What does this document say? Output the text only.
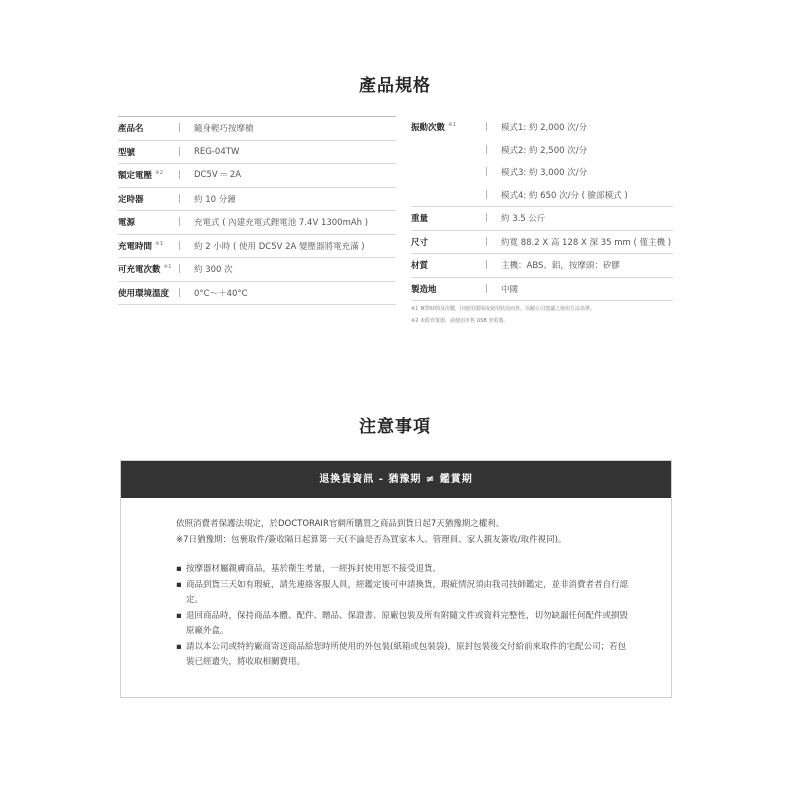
產品規格
產品名	|	隨身輕巧按摩槍
型號	|	REG-04TW
額定電壓 $^{※2}$	|	DC5V ⎓ 2A
定時器	|	約 10 分鐘
電源	|	充電式 ( 內建充電式鋰電池 7.4V 1300mAh )
充電時間 $^{※1}$	|	約 2 小時 ( 使用 DC5V 2A 變壓器將電充滿 )
可充電次數 $^{※1}$ |	約 300 次
使用環境溫度	|	0°C～＋40°C
振動次數 $^{※1}$	|	模式1: 約 2,000 次/分
|	模式2: 約 2,500 次/分
|	模式3: 約 3,000 次/分
|	模式4: 約 650 次/分 ( 臉部模式 )
重量	|	約 3.5 公斤
尺寸	|	約寬 88.2 X 高 128 X 深 35 mm ( 僅主機 )
材質	|	主機：ABS、鋁，按摩頭：矽膠
製造地	|	中國
※1 實際時間及次數，因使用環境或使用狀況而異。以敝公司建議之使用方法為準。
※2 未附充電器，請使用市售 USB 充電器。
注意事項
退換貨資訊 - 猶豫期 ≠ 鑑賞期
依照消費者保護法規定，於DOCTORAIR官網所購買之商品到貨日起7天猶豫期之權利。
※7日猶豫期：包裹取件/簽收隔日起算第一天(不論是否為買家本人、管理員、家人親友簽收/取件視同)。
▪ 按摩器材屬親膚商品，基於衛生考量，一經拆封使用恕不接受退貨。
▪ 商品到貨三天如有瑕疵，請先連絡客服人員，經鑑定後可申請換貨，瑕疵情況須由我司技師鑑定，並非消費者者自行認定。
▪ 退回商品時，保持商品本體、配件、贈品、保證書、原廠包裝及所有附隨文件或資料完整性，切勿缺漏任何配件或損毀原廠外盒。
▪ 請以本公司或特約廠商寄送商品給您時所使用的外包裝(紙箱或包裝袋)，原封包裝後交付給前來取件的宅配公司；若包裝已經遺失，將收取相關費用。
